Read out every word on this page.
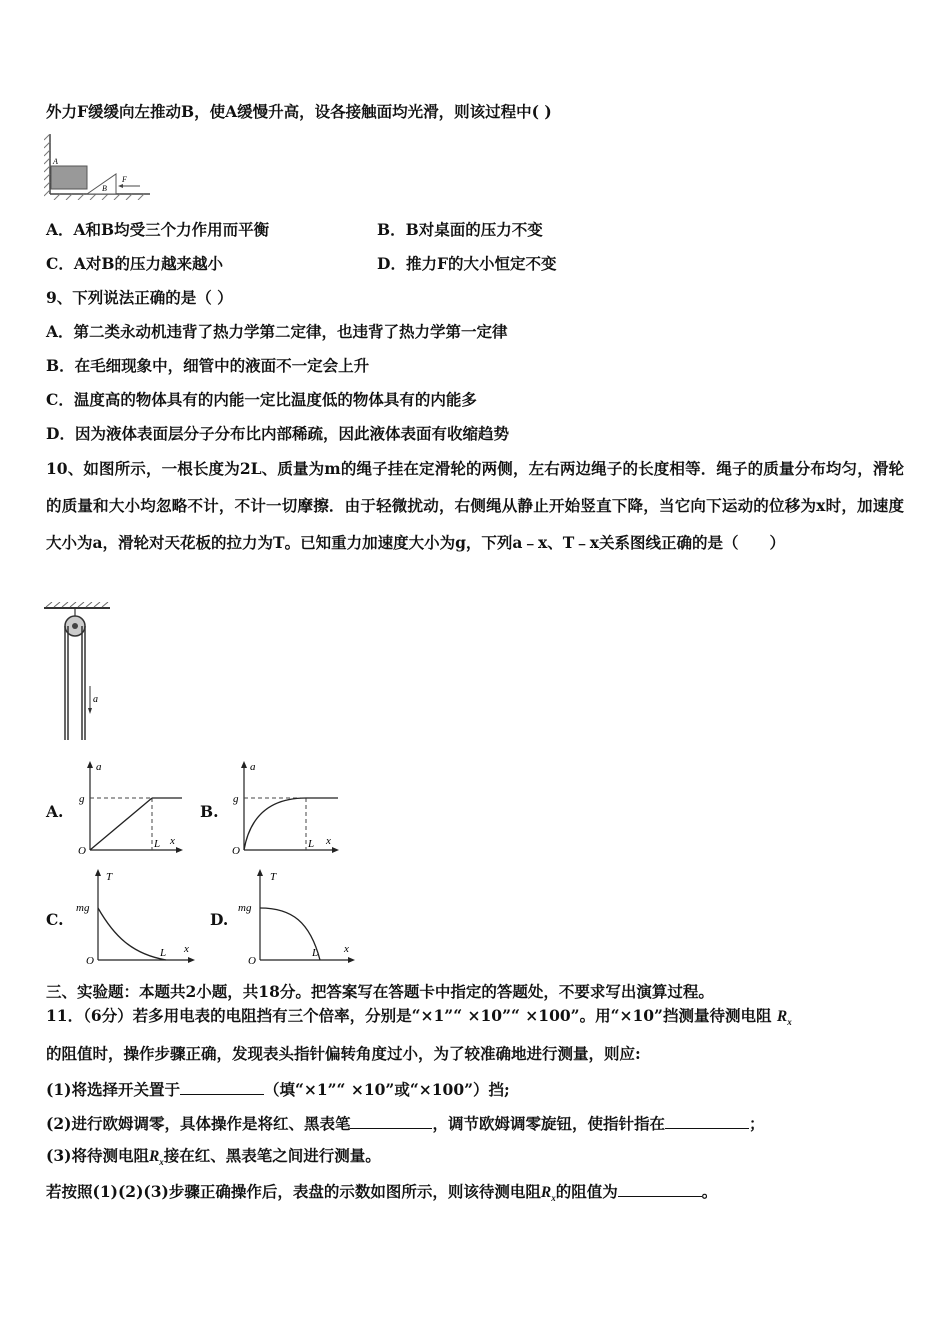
外力F缓缓向左推动B，使A缓慢升高，设各接触面均光滑，则该过程中( )
A
B
F
A．A和B均受三个力作用而平衡	B．B对桌面的压力不变
C．A对B的压力越来越小	D．推力F的大小恒定不变
9、下列说法正确的是（ ）
A．第二类永动机违背了热力学第二定律，也违背了热力学第一定律
B．在毛细现象中，细管中的液面不一定会上升
C．温度高的物体具有的内能一定比温度低的物体具有的内能多
D．因为液体表面层分子分布比内部稀疏，因此液体表面有收缩趋势
10、如图所示，一根长度为2L、质量为m的绳子挂在定滑轮的两侧，左右两边绳子的长度相等．绳子的质量分布均匀，滑轮的质量和大小均忽略不计，不计一切摩擦．由于轻微扰动，右侧绳从静止开始竖直下降，当它向下运动的位移为x时，加速度大小为a，滑轮对天花板的拉力为T。已知重力加速度大小为g，下列a﹣x、T﹣x关系图线正确的是（　　）
a
A.
a
g
x
L
O
B.
a
g
x
L
O
C.
T
mg
x
L
O
D.
T
mg
x
L
O
三、实验题：本题共2小题，共18分。把答案写在答题卡中指定的答题处，不要求写出演算过程。
11．（6分）若多用电表的电阻挡有三个倍率，分别是“×1”“ ×10”“ ×100”。用“×10”挡测量待测电阻 $R_x$
的阻值时，操作步骤正确，发现表头指针偏转角度过小，为了较准确地进行测量，则应:
(1)将选择开关置于	（填“×1”“ ×10”或“×100”）挡;
(2)进行欧姆调零，具体操作是将红、黑表笔	，调节欧姆调零旋钮，使指针指在	；
(3)将待测电阻$R_x$接在红、黑表笔之间进行测量。
若按照(1)(2)(3)步骤正确操作后，表盘的示数如图所示，则该待测电阻$R_x$的阻值为	。
